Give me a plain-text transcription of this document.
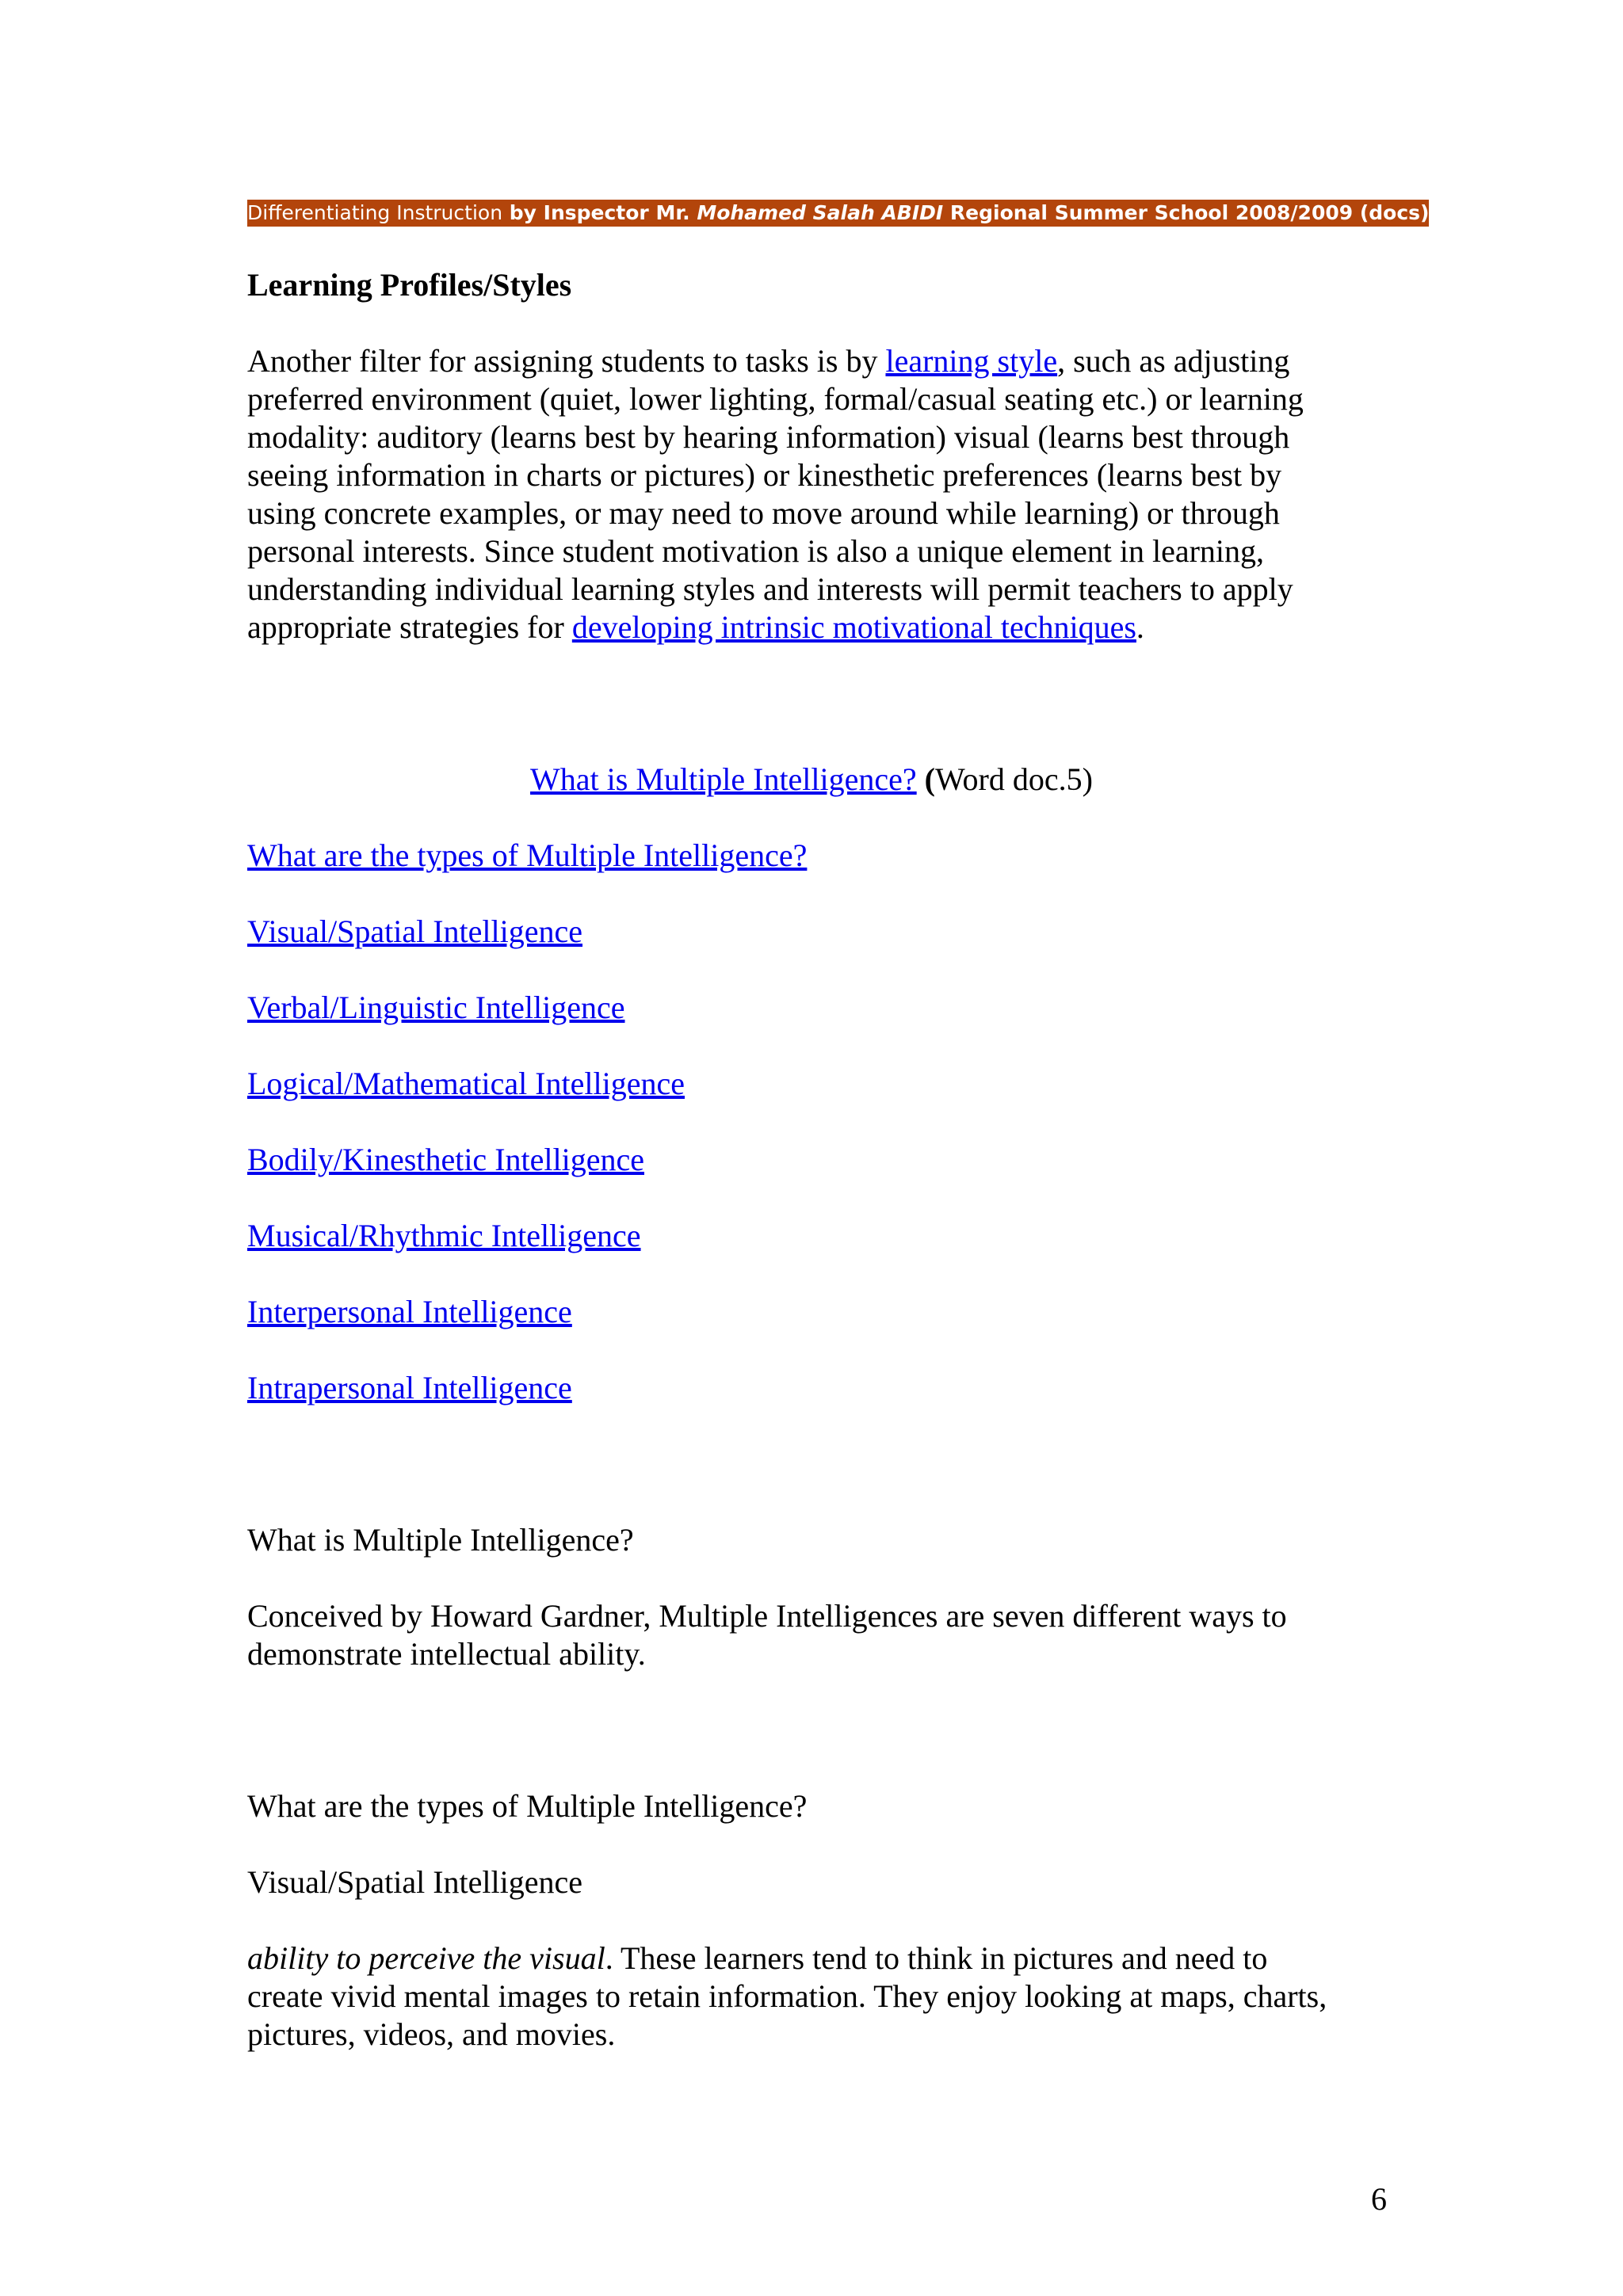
Differentiating Instruction by Inspector Mr. Mohamed Salah ABIDI Regional Summer School 2008/2009 (docs)
Learning Profiles/Styles
Another filter for assigning students to tasks is by learning style, such as adjusting
preferred environment (quiet, lower lighting, formal/casual seating etc.) or learning
modality: auditory (learns best by hearing information) visual (learns best through
seeing information in charts or pictures) or kinesthetic preferences (learns best by
using concrete examples, or may need to move around while learning) or through
personal interests. Since student motivation is also a unique element in learning,
understanding individual learning styles and interests will permit teachers to apply
appropriate strategies for developing intrinsic motivational techniques.
What is Multiple Intelligence? (Word doc.5)
What are the types of Multiple Intelligence?
Visual/Spatial Intelligence
Verbal/Linguistic Intelligence
Logical/Mathematical Intelligence
Bodily/Kinesthetic Intelligence
Musical/Rhythmic Intelligence
Interpersonal Intelligence
Intrapersonal Intelligence
What is Multiple Intelligence?
Conceived by Howard Gardner, Multiple Intelligences are seven different ways to
demonstrate intellectual ability.
What are the types of Multiple Intelligence?
Visual/Spatial Intelligence
ability to perceive the visual. These learners tend to think in pictures and need to
create vivid mental images to retain information. They enjoy looking at maps, charts,
pictures, videos, and movies.
6
